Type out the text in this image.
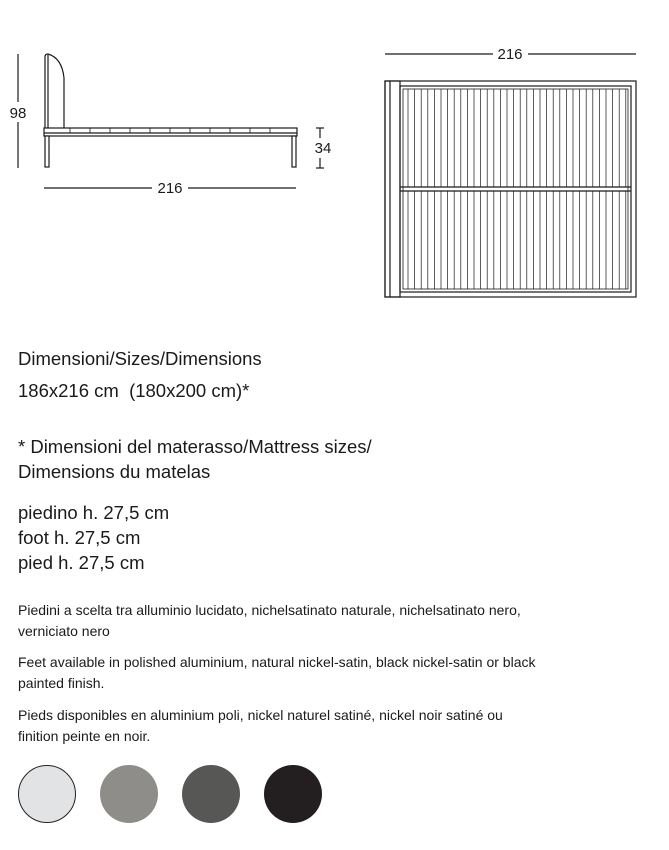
98
34
216
216
Dimensioni/Sizes/Dimensions
186x216 cm  (180x200 cm)*
* Dimensioni del materasso/Mattress sizes/
Dimensions du matelas
piedino h. 27,5 cm
foot h. 27,5 cm
pied h. 27,5 cm
Piedini a scelta tra alluminio lucidato, nichelsatinato naturale, nichelsatinato nero, verniciato nero
Feet available in polished aluminium, natural nickel-satin, black nickel-satin or black painted finish.
Pieds disponibles en aluminium poli, nickel naturel satiné, nickel noir satiné ou finition peinte en noir.
